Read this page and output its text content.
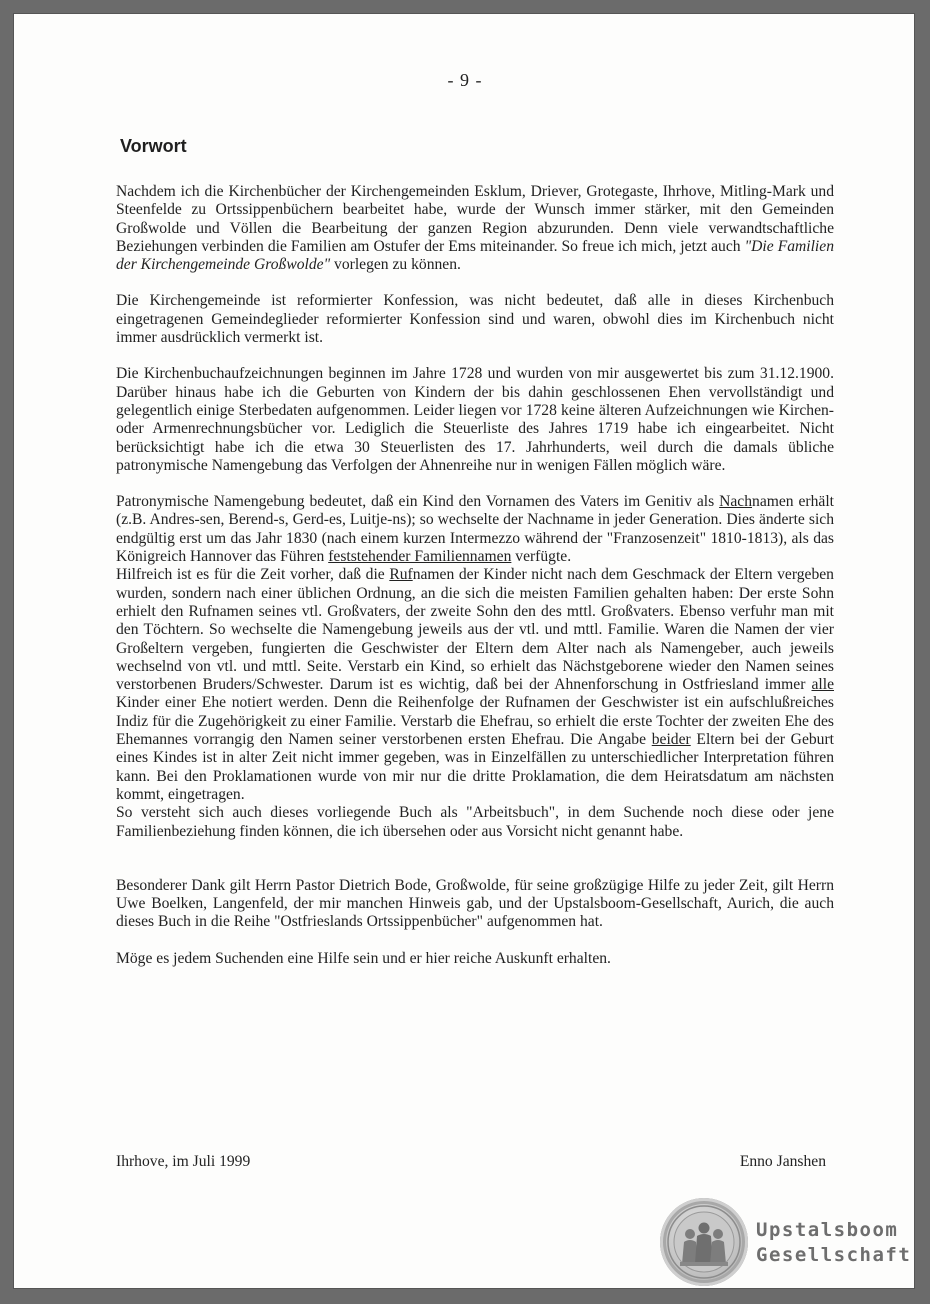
- 9 -
Vorwort

Nachdem ich die Kirchenbücher der Kirchengemeinden Esklum, Driever, Grotegaste, Ihrhove, Mitling-Mark und Steenfelde zu Ortssippenbüchern bearbeitet habe, wurde der Wunsch immer stärker, mit den Gemeinden Großwolde und Völlen die Bearbeitung der ganzen Region abzurunden. Denn viele verwandtschaftliche Beziehungen verbinden die Familien am Ostufer der Ems miteinander. So freue ich mich, jetzt auch "Die Familien der Kirchengemeinde Großwolde" vorlegen zu können.

Die Kirchengemeinde ist reformierter Konfession, was nicht bedeutet, daß alle in dieses Kirchenbuch eingetragenen Gemeindeglieder reformierter Konfession sind und waren, obwohl dies im Kirchenbuch nicht immer ausdrücklich vermerkt ist.

Die Kirchenbuchaufzeichnungen beginnen im Jahre 1728 und wurden von mir ausgewertet bis zum 31.12.1900. Darüber hinaus habe ich die Geburten von Kindern der bis dahin geschlossenen Ehen vervollständigt und gelegentlich einige Sterbedaten aufgenommen. Leider liegen vor 1728 keine älteren Aufzeichnungen wie Kirchen- oder Armenrechnungsbücher vor. Lediglich die Steuerliste des Jahres 1719 habe ich eingearbeitet. Nicht berücksichtigt habe ich die etwa 30 Steuerlisten des 17. Jahrhunderts, weil durch die damals übliche patronymische Namengebung das Verfolgen der Ahnenreihe nur in wenigen Fällen möglich wäre.

Patronymische Namengebung bedeutet, daß ein Kind den Vornamen des Vaters im Genitiv als Nachnamen erhält (z.B. Andres-sen, Berend-s, Gerd-es, Luitje-ns); so wechselte der Nachname in jeder Generation. Dies änderte sich endgültig erst um das Jahr 1830 (nach einem kurzen Intermezzo während der "Franzosenzeit" 1810-1813), als das Königreich Hannover das Führen feststehender Familiennamen verfügte.

Hilfreich ist es für die Zeit vorher, daß die Rufnamen der Kinder nicht nach dem Geschmack der Eltern vergeben wurden, sondern nach einer üblichen Ordnung, an die sich die meisten Familien gehalten haben: Der erste Sohn erhielt den Rufnamen seines vtl. Großvaters, der zweite Sohn den des mttl. Großvaters. Ebenso verfuhr man mit den Töchtern. So wechselte die Namengebung jeweils aus der vtl. und mttl. Familie. Waren die Namen der vier Großeltern vergeben, fungierten die Geschwister der Eltern dem Alter nach als Namengeber, auch jeweils wechselnd von vtl. und mttl. Seite. Verstarb ein Kind, so erhielt das Nächstgeborene wieder den Namen seines verstorbenen Bruders/Schwester. Darum ist es wichtig, daß bei der Ahnenforschung in Ostfriesland immer alle Kinder einer Ehe notiert werden. Denn die Reihenfolge der Rufnamen der Geschwister ist ein aufschlußreiches Indiz für die Zugehörigkeit zu einer Familie. Verstarb die Ehefrau, so erhielt die erste Tochter der zweiten Ehe des Ehemannes vorrangig den Namen seiner verstorbenen ersten Ehefrau. Die Angabe beider Eltern bei der Geburt eines Kindes ist in alter Zeit nicht immer gegeben, was in Einzelfällen zu unterschiedlicher Interpretation führen kann. Bei den Proklamationen wurde von mir nur die dritte Proklamation, die dem Heiratsdatum am nächsten kommt, eingetragen.

So versteht sich auch dieses vorliegende Buch als "Arbeitsbuch", in dem Suchende noch diese oder jene Familienbeziehung finden können, die ich übersehen oder aus Vorsicht nicht genannt habe.

Besonderer Dank gilt Herrn Pastor Dietrich Bode, Großwolde, für seine großzügige Hilfe zu jeder Zeit, gilt Herrn Uwe Boelken, Langenfeld, der mir manchen Hinweis gab, und der Upstalsboom-Gesellschaft, Aurich, die auch dieses Buch in die Reihe "Ostfrieslands Ortssippenbücher" aufgenommen hat.

Möge es jedem Suchenden eine Hilfe sein und er hier reiche Auskunft erhalten.

Ihrhove, im Juli 1999	Enno Janshen
Upstalsboom
Gesellschaft
